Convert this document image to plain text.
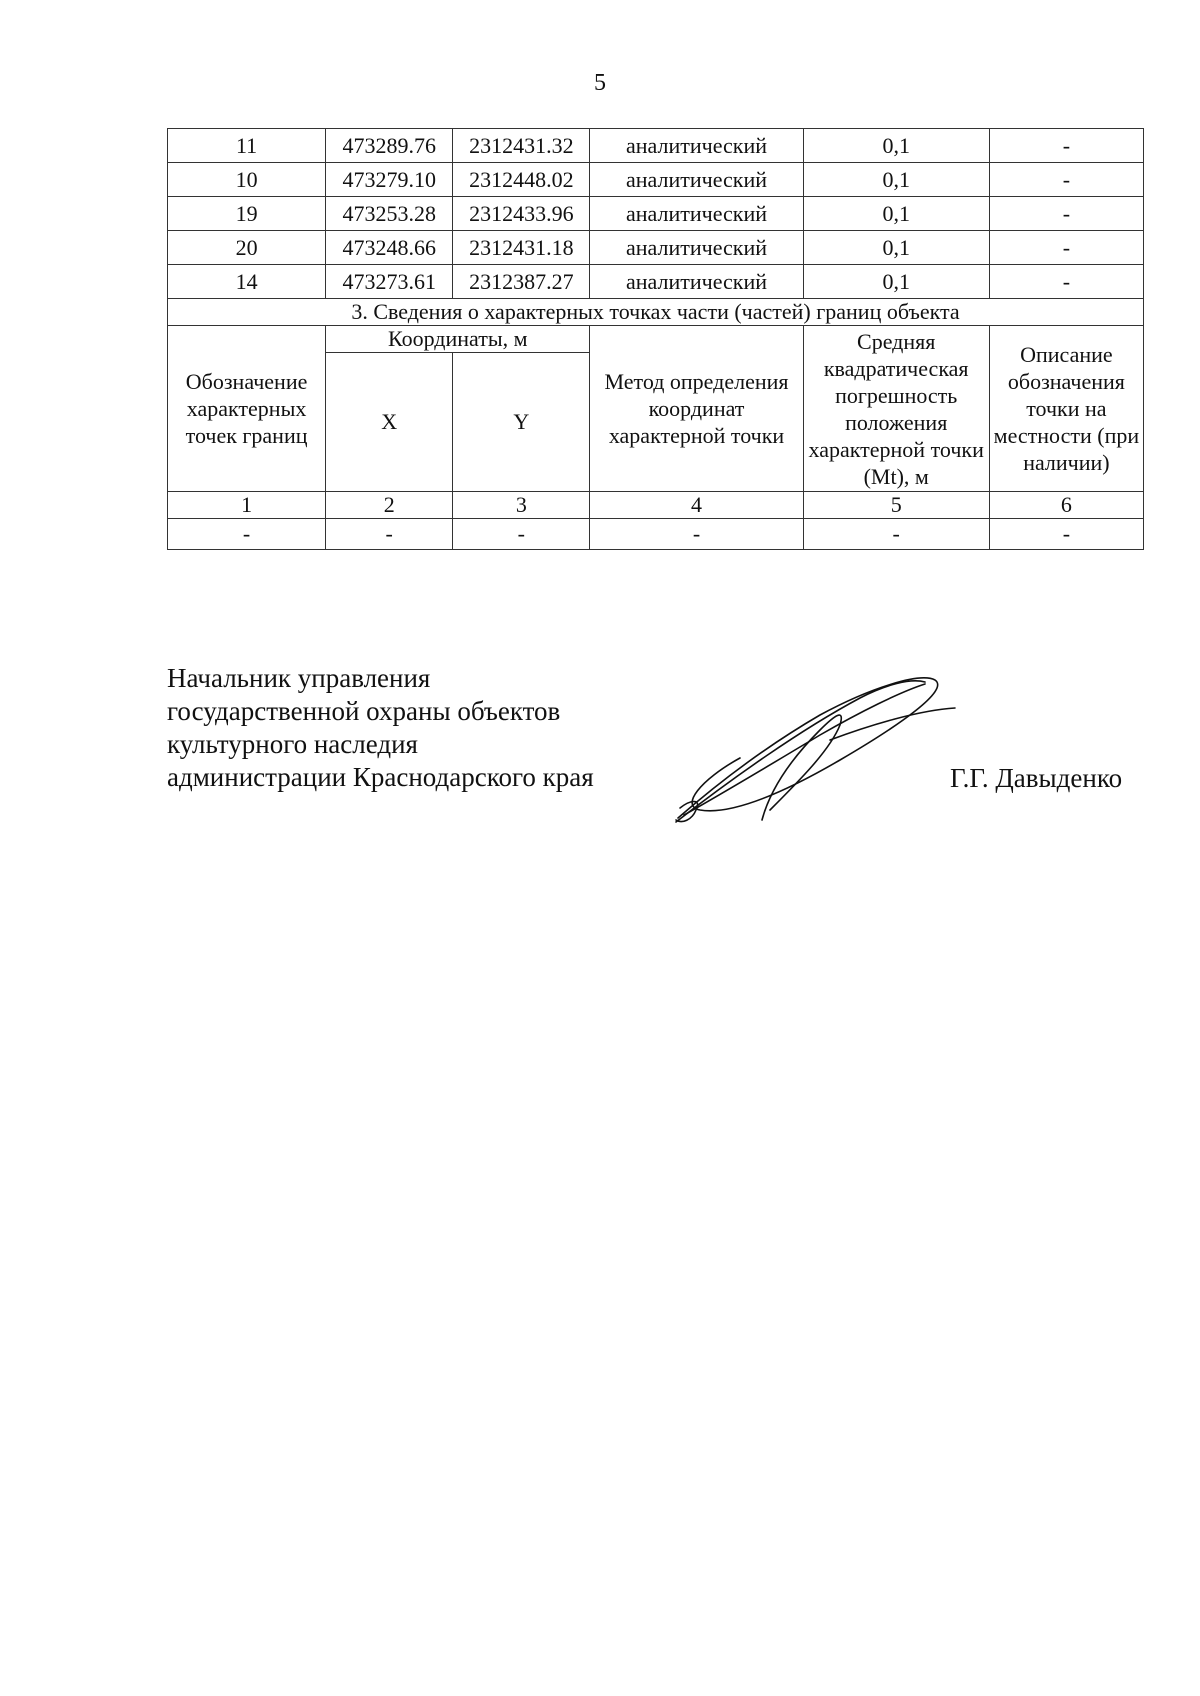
5
11	473289.76	2312431.32	аналитический	0,1	-
10	473279.10	2312448.02	аналитический	0,1	-
19	473253.28	2312433.96	аналитический	0,1	-
20	473248.66	2312431.18	аналитический	0,1	-
14	473273.61	2312387.27	аналитический	0,1	-
3. Сведения о характерных точках части (частей) границ объекта					
Обозначение характерных точек границ	Координаты, м		Метод определения координат характерной точки	Средняя квадратическая погрешность положения характерной точки (Mt), м	Описание обозначения точки на местности (при наличии)
	X	Y			
1	2	3	4	5	6
-	-	-	-	-	-
Начальник управления
государственной охраны объектов
культурного наследия
администрации Краснодарского края	Г.Г. Давыденко
